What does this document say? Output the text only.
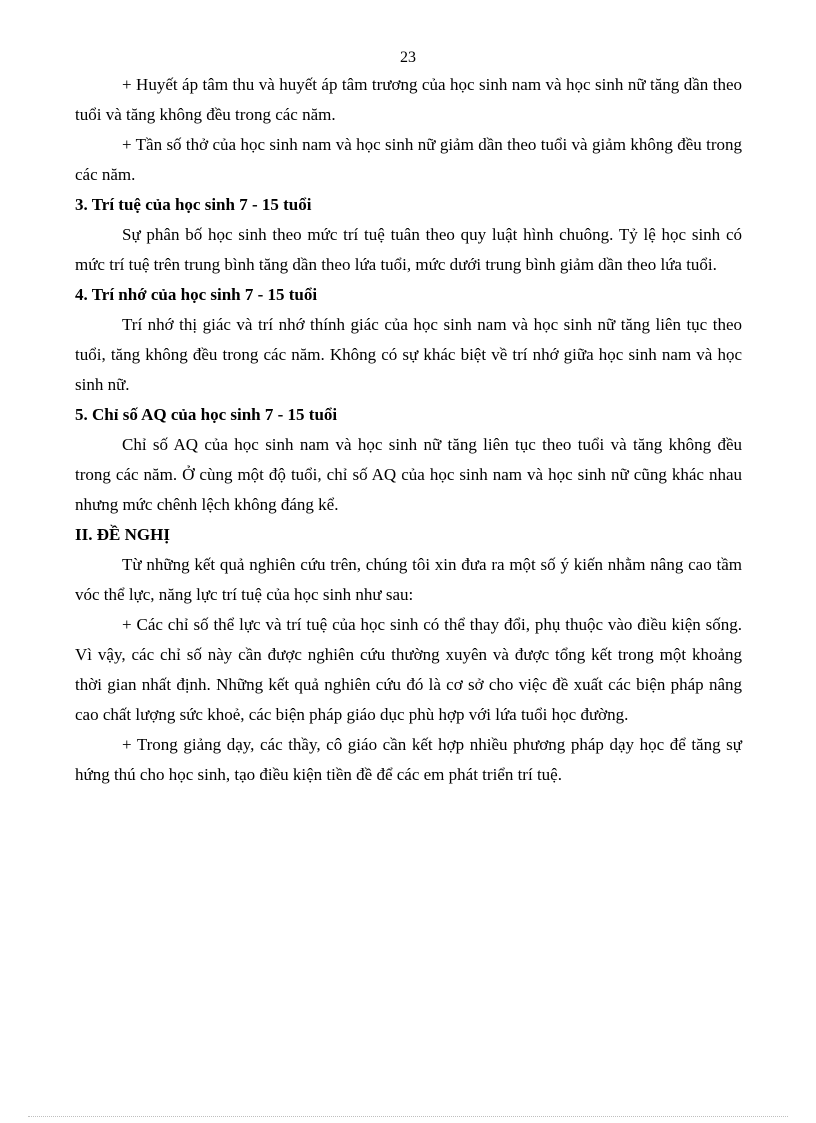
23

+ Huyết áp tâm thu và huyết áp tâm trương của học sinh nam và học sinh nữ tăng dần theo tuổi và tăng không đều trong các năm.

+ Tần số thở của học sinh nam và học sinh nữ giảm dần theo tuổi và giảm không đều trong các năm.

3. Trí tuệ của học sinh 7 - 15 tuổi

Sự phân bố học sinh theo mức trí tuệ tuân theo quy luật hình chuông. Tỷ lệ học sinh có mức trí tuệ trên trung bình tăng dần theo lứa tuổi, mức dưới trung bình giảm dần theo lứa tuổi.

4. Trí nhớ của học sinh 7 - 15 tuổi

Trí nhớ thị giác và trí nhớ thính giác của học sinh nam và học sinh nữ tăng liên tục theo tuổi, tăng không đều trong các năm. Không có sự khác biệt về trí nhớ giữa học sinh nam và học sinh nữ.

5. Chỉ số AQ của học sinh 7 - 15 tuổi

Chỉ số AQ của học sinh nam và học sinh nữ tăng liên tục theo tuổi và tăng không đều trong các năm. Ở cùng một độ tuổi, chỉ số AQ của học sinh nam và học sinh nữ cũng khác nhau nhưng mức chênh lệch không đáng kể.

II. ĐỀ NGHỊ

Từ những kết quả nghiên cứu trên, chúng tôi xin đưa ra một số ý kiến nhằm nâng cao tầm vóc thể lực, năng lực trí tuệ của học sinh như sau:

+ Các chỉ số thể lực và trí tuệ của học sinh có thể thay đổi, phụ thuộc vào điều kiện sống. Vì vậy, các chỉ số này cần được nghiên cứu thường xuyên và được tổng kết trong một khoảng thời gian nhất định. Những kết quả nghiên cứu đó là cơ sở cho việc đề xuất các biện pháp nâng cao chất lượng sức khoẻ, các biện pháp giáo dục phù hợp với lứa tuổi học đường.

+ Trong giảng dạy, các thầy, cô giáo cần kết hợp nhiều phương pháp dạy học để tăng sự hứng thú cho học sinh, tạo điều kiện tiền đề để các em phát triển trí tuệ.
